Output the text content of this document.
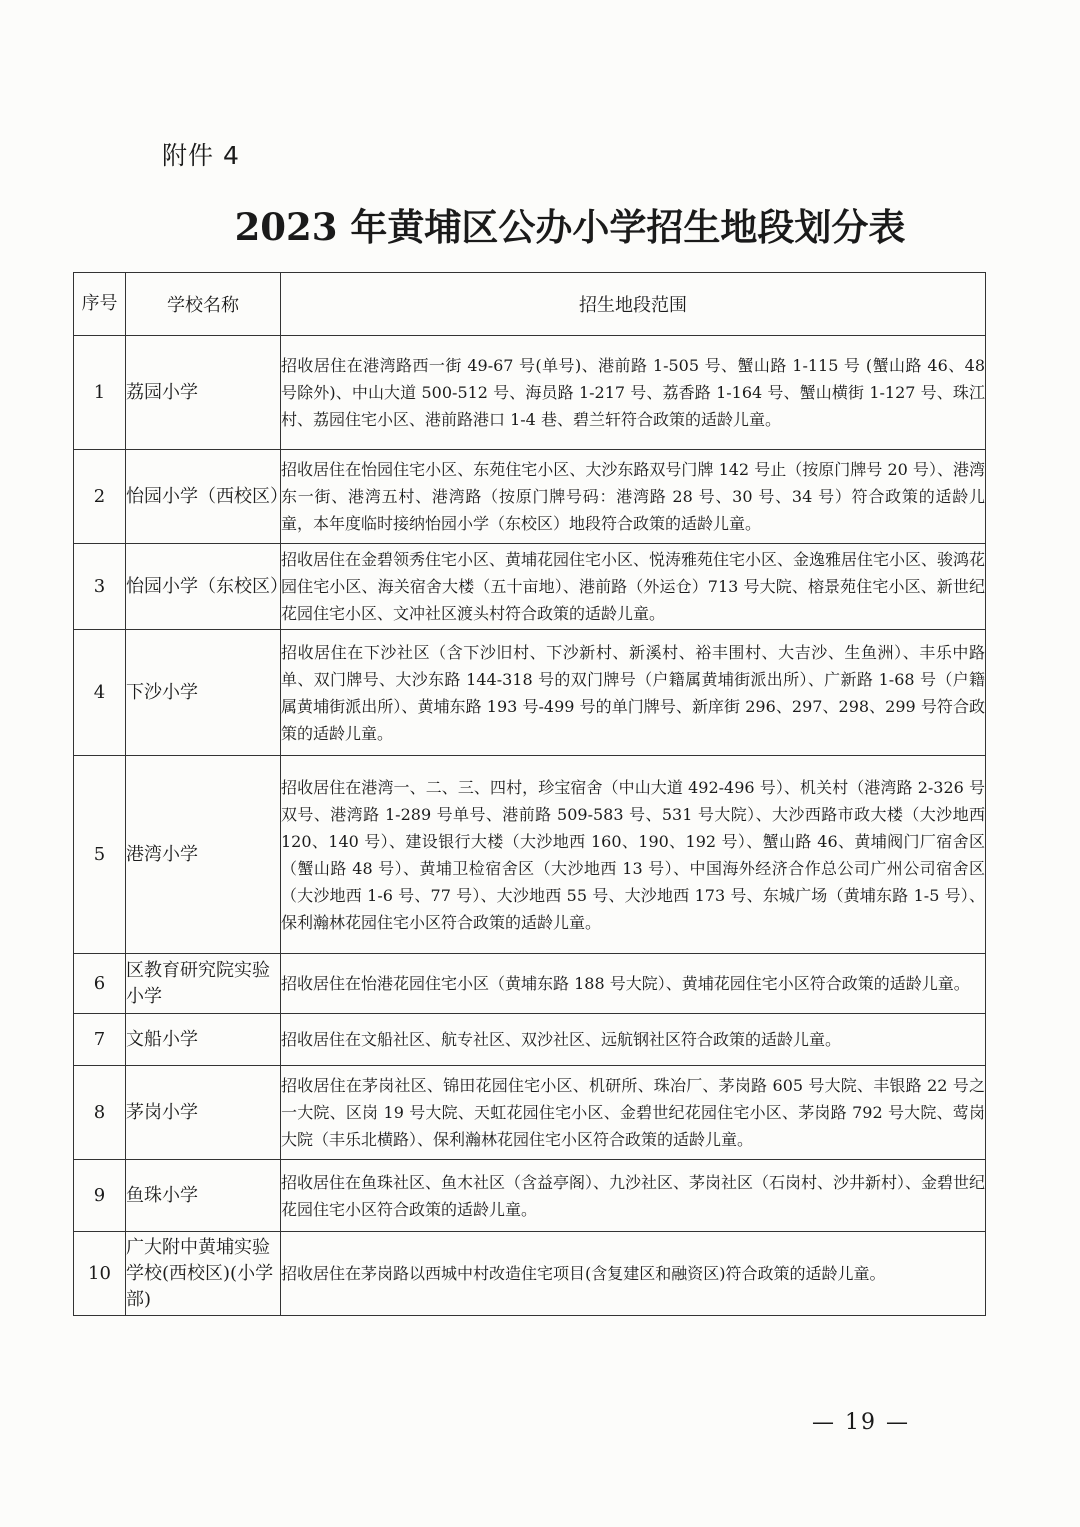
附件 4
2023 年黄埔区公办小学招生地段划分表
序号	学校名称	招生地段范围
1	荔园小学	招收居住在港湾路西一街 49-67 号(单号)、港前路 1-505 号、蟹山路 1-115 号 (蟹山路 46、48 号除外)、中山大道 500-512 号、海员路 1-217 号、荔香路 1-164 号、蟹山横街 1-127 号、珠江村、荔园住宅小区、港前路港口 1-4 巷、碧兰轩符合政策的适龄儿童。
2	怡园小学（西校区）	招收居住在怡园住宅小区、东苑住宅小区、大沙东路双号门牌 142 号止（按原门牌号 20 号）、港湾东一街、港湾五村、港湾路（按原门牌号码：港湾路 28 号、30 号、34 号）符合政策的适龄儿童，本年度临时接纳怡园小学（东校区）地段符合政策的适龄儿童。
3	怡园小学（东校区）	招收居住在金碧领秀住宅小区、黄埔花园住宅小区、悦涛雅苑住宅小区、金逸雅居住宅小区、骏鸿花园住宅小区、海关宿舍大楼（五十亩地）、港前路（外运仓）713 号大院、榕景苑住宅小区、新世纪花园住宅小区、文冲社区渡头村符合政策的适龄儿童。
4	下沙小学	招收居住在下沙社区（含下沙旧村、下沙新村、新溪村、裕丰围村、大吉沙、生鱼洲）、丰乐中路单、双门牌号、大沙东路 144-318 号的双门牌号（户籍属黄埔街派出所）、广新路 1-68 号（户籍属黄埔街派出所）、黄埔东路 193 号-499 号的单门牌号、新庠街 296、297、298、299 号符合政策的适龄儿童。
5	港湾小学	招收居住在港湾一、二、三、四村，珍宝宿舍（中山大道 492-496 号）、机关村（港湾路 2-326 号双号、港湾路 1-289 号单号、港前路 509-583 号、531 号大院）、大沙西路市政大楼（大沙地西 120、140 号）、建设银行大楼（大沙地西 160、190、192 号）、蟹山路 46、黄埔阀门厂宿舍区（蟹山路 48 号）、黄埔卫检宿舍区（大沙地西 13 号）、中国海外经济合作总公司广州公司宿舍区（大沙地西 1-6 号、77 号）、大沙地西 55 号、大沙地西 173 号、东城广场（黄埔东路 1-5 号）、保利瀚林花园住宅小区符合政策的适龄儿童。
6	区教育研究院实验小学	招收居住在怡港花园住宅小区（黄埔东路 188 号大院）、黄埔花园住宅小区符合政策的适龄儿童。
7	文船小学	招收居住在文船社区、航专社区、双沙社区、远航钢社区符合政策的适龄儿童。
8	茅岗小学	招收居住在茅岗社区、锦田花园住宅小区、机研所、珠冶厂、茅岗路 605 号大院、丰银路 22 号之一大院、区岗 19 号大院、天虹花园住宅小区、金碧世纪花园住宅小区、茅岗路 792 号大院、莺岗大院（丰乐北横路）、保利瀚林花园住宅小区符合政策的适龄儿童。
9	鱼珠小学	招收居住在鱼珠社区、鱼木社区（含益亭阁）、九沙社区、茅岗社区（石岗村、沙井新村）、金碧世纪花园住宅小区符合政策的适龄儿童。
10	广大附中黄埔实验学校(西校区)(小学部)	招收居住在茅岗路以西城中村改造住宅项目(含复建区和融资区)符合政策的适龄儿童。
— 19 —
